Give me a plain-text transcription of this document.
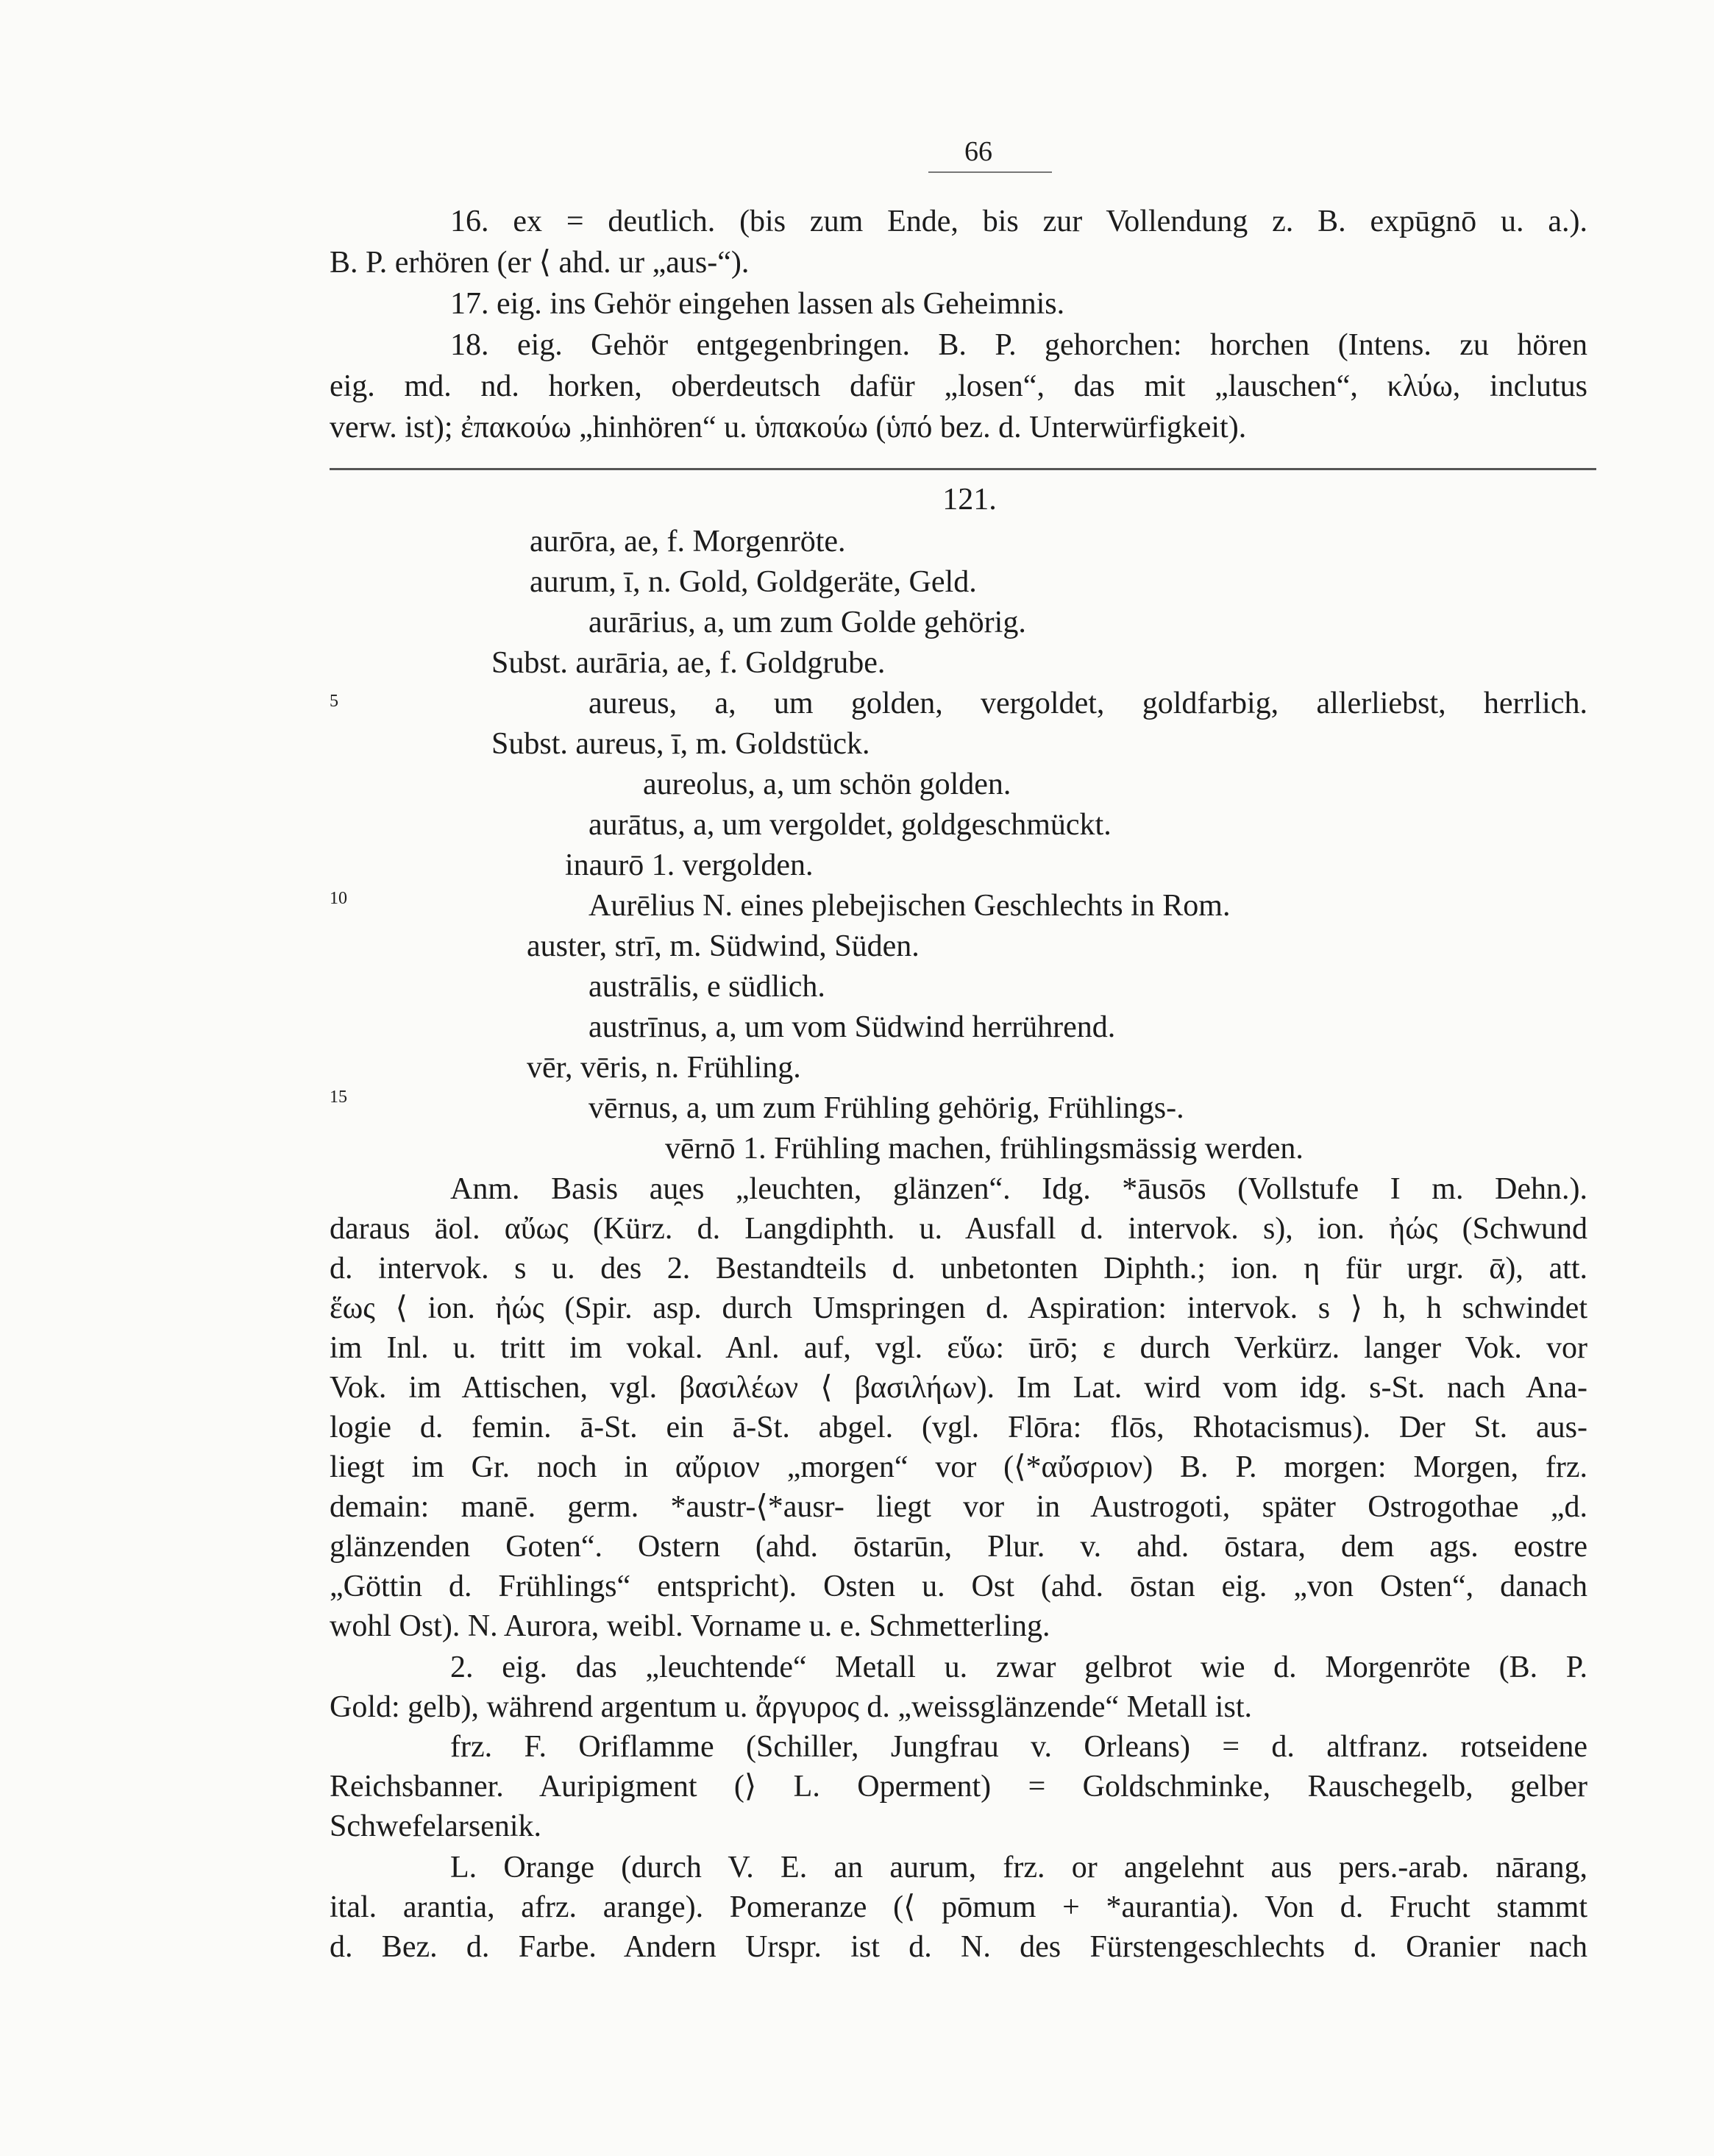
66
16. ex = deutlich. (bis zum Ende, bis zur Vollendung z. B. expūgnō u. a.).
B. P. erhören (er ⟨ ahd. ur „aus-“).
17. eig. ins Gehör eingehen lassen als Geheimnis.
18. eig. Gehör entgegenbringen. B. P. gehorchen: horchen (Intens. zu hören
eig. md. nd. horken, oberdeutsch dafür „losen“, das mit „lauschen“, κλύω, inclutus
verw. ist); ἐπακούω „hinhören“ u. ὑπακούω (ὑπό bez. d. Unterwürfigkeit).
121.
5
10
15
aurōra, ae, f. Morgenröte.
aurum, ī, n. Gold, Goldgeräte, Geld.
aurārius, a, um zum Golde gehörig.
Subst. aurāria, ae, f. Goldgrube.
aureus, a, um golden, vergoldet, goldfarbig, allerliebst, herrlich.
Subst. aureus, ī, m. Goldstück.
aureolus, a, um schön golden.
aurātus, a, um vergoldet, goldgeschmückt.
inaurō 1. vergolden.
Aurēlius N. eines plebejischen Geschlechts in Rom.
auster, strī, m. Südwind, Süden.
austrālis, e südlich.
austrīnus, a, um vom Südwind herrührend.
vēr, vēris, n. Frühling.
vērnus, a, um zum Frühling gehörig, Frühlings-.
vērnō 1. Frühling machen, frühlingsmässig werden.
Anm. Basis au̯es „leuchten, glänzen“. Idg. *āusōs (Vollstufe I m. Dehn.).
daraus äol. αὔως (Kürz. d. Langdiphth. u. Ausfall d. intervok. s), ion. ἠώς (Schwund
d. intervok. s u. des 2. Bestandteils d. unbetonten Diphth.; ion. η für urgr. ᾱ), att.
ἕως ⟨ ion. ἠώς (Spir. asp. durch Umspringen d. Aspiration: intervok. s ⟩ h, h schwindet
im Inl. u. tritt im vokal. Anl. auf, vgl. εὕω: ūrō; ε durch Verkürz. langer Vok. vor
Vok. im Attischen, vgl. βασιλέων ⟨ βασιλήων). Im Lat. wird vom idg. s-St. nach Ana-
logie d. femin. ā-St. ein ā-St. abgel. (vgl. Flōra: flōs, Rhotacismus). Der St. aus-
liegt im Gr. noch in αὔριον „morgen“ vor (⟨*αὔσριον) B. P. morgen: Morgen, frz.
demain: manē. germ. *austr-⟨*ausr- liegt vor in Austrogoti, später Ostrogothae „d.
glänzenden Goten“. Ostern (ahd. ōstarūn, Plur. v. ahd. ōstara, dem ags. eostre
„Göttin d. Frühlings“ entspricht). Osten u. Ost (ahd. ōstan eig. „von Osten“, danach
wohl Ost). N. Aurora, weibl. Vorname u. e. Schmetterling.
2. eig. das „leuchtende“ Metall u. zwar gelbrot wie d. Morgenröte (B. P.
Gold: gelb), während argentum u. ἄργυρος d. „weissglänzende“ Metall ist.
frz. F. Oriflamme (Schiller, Jungfrau v. Orleans) = d. altfranz. rotseidene
Reichsbanner. Auripigment (⟩ L. Operment) = Goldschminke, Rauschegelb, gelber
Schwefelarsenik.
L. Orange (durch V. E. an aurum, frz. or angelehnt aus pers.-arab. nārang,
ital. arantia, afrz. arange). Pomeranze (⟨ pōmum + *aurantia). Von d. Frucht stammt
d. Bez. d. Farbe. Andern Urspr. ist d. N. des Fürstengeschlechts d. Oranier nach
